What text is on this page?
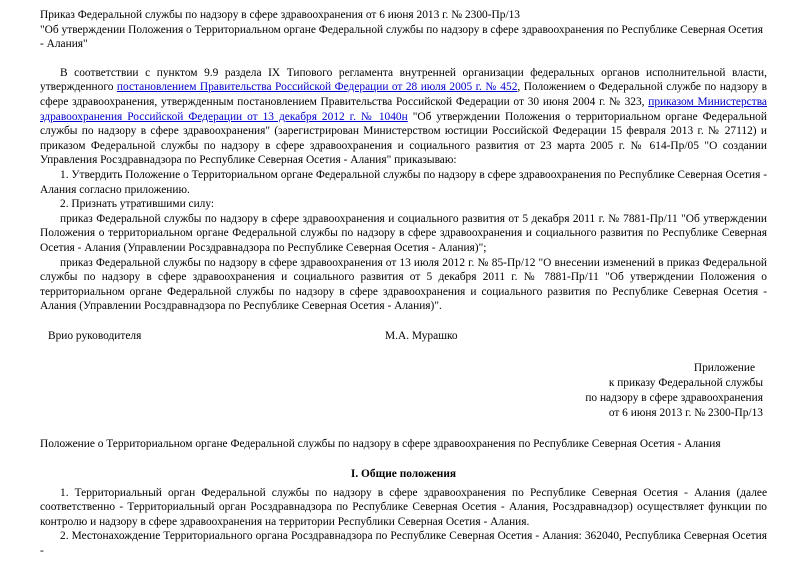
Приказ Федеральной службы по надзору в сфере здравоохранения от 6 июня 2013 г. № 2300-Пр/13

"Об утверждении Положения о Территориальном органе Федеральной службы по надзору в сфере здравоохранения по Республике Северная Осетия - Алания"

В соответствии с пунктом 9.9 раздела IX Типового регламента внутренней организации федеральных органов исполнительной власти, утвержденного постановлением Правительства Российской Федерации от 28 июля 2005 г. № 452, Положением о Федеральной службе по надзору в сфере здравоохранения, утвержденным постановлением Правительства Российской Федерации от 30 июня 2004 г. № 323, приказом Министерства здравоохранения Российской Федерации от 13 декабря 2012 г. № 1040н "Об утверждении Положения о территориальном органе Федеральной службы по надзору в сфере здравоохранения" (зарегистрирован Министерством юстиции Российской Федерации 15 февраля 2013 г. № 27112) и приказом Федеральной службы по надзору в сфере здравоохранения и социального развития от 23 марта 2005 г. № 614-Пр/05 "О создании Управления Росздравнадзора по Республике Северная Осетия - Алания" приказываю:

1. Утвердить Положение о Территориальном органе Федеральной службы по надзору в сфере здравоохранения по Республике Северная Осетия - Алания согласно приложению.

2. Признать утратившими силу:

приказ Федеральной службы по надзору в сфере здравоохранения и социального развития от 5 декабря 2011 г. № 7881-Пр/11 "Об утверждении Положения о территориальном органе Федеральной службы по надзору в сфере здравоохранения и социального развития по Республике Северная Осетия - Алания (Управлении Росздравнадзора по Республике Северная Осетия - Алания)";

приказ Федеральной службы по надзору в сфере здравоохранения от 13 июля 2012 г. № 85-Пр/12 "О внесении изменений в приказ Федеральной службы по надзору в сфере здравоохранения и социального развития от 5 декабря 2011 г. № 7881-Пр/11 "Об утверждении Положения о территориальном органе Федеральной службы по надзору в сфере здравоохранения и социального развития по Республике Северная Осетия - Алания (Управлении Росздравнадзора по Республике Северная Осетия - Алания)".

Врио руководителя	М.А. Мурашко

Приложение

к приказу Федеральной службы

по надзору в сфере здравоохранения

от 6 июня 2013 г. № 2300-Пр/13

Положение о Территориальном органе Федеральной службы по надзору в сфере здравоохранения по Республике Северная Осетия - Алания

I. Общие положения

1. Территориальный орган Федеральной службы по надзору в сфере здравоохранения по Республике Северная Осетия - Алания (далее соответственно - Территориальный орган Росздравнадзора по Республике Северная Осетия - Алания, Росздравнадзор) осуществляет функции по контролю и надзору в сфере здравоохранения на территории Республики Северная Осетия - Алания.

2. Местонахождение Территориального органа Росздравнадзора по Республике Северная Осетия - Алания: 362040, Республика Северная Осетия -
